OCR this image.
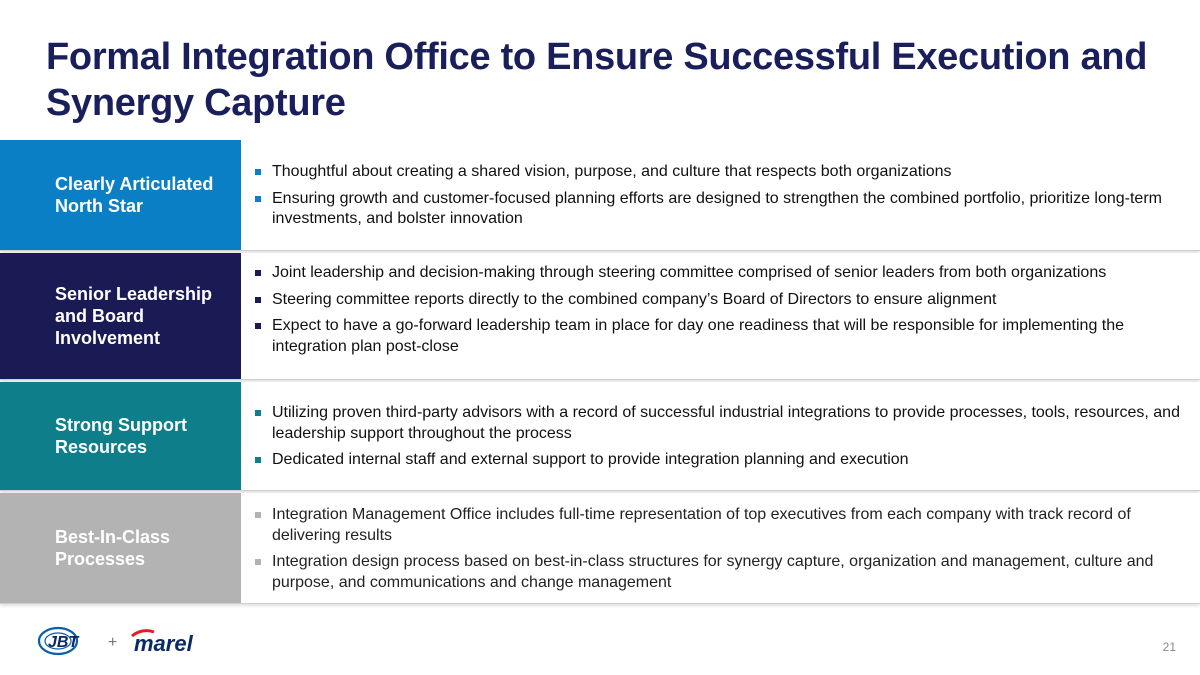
Formal Integration Office to Ensure Successful Execution and Synergy Capture
Clearly Articulated North Star
Thoughtful about creating a shared vision, purpose, and culture that respects both organizations
Ensuring growth and customer-focused planning efforts are designed to strengthen the combined portfolio, prioritize long-term investments, and bolster innovation
Senior Leadership and Board Involvement
Joint leadership and decision-making through steering committee comprised of senior leaders from both organizations
Steering committee reports directly to the combined company’s Board of Directors to ensure alignment
Expect to have a go-forward leadership team in place for day one readiness that will be responsible for implementing the integration plan post-close
Strong Support Resources
Utilizing proven third-party advisors with a record of successful industrial integrations to provide processes, tools, resources, and leadership support throughout the process
Dedicated internal staff and external support to provide integration planning and execution
Best-In-Class Processes
Integration Management Office includes full-time representation of top executives from each company with track record of delivering results
Integration design process based on best-in-class structures for synergy capture, organization and management, culture and purpose, and communications and change management
JBT + marel	21
